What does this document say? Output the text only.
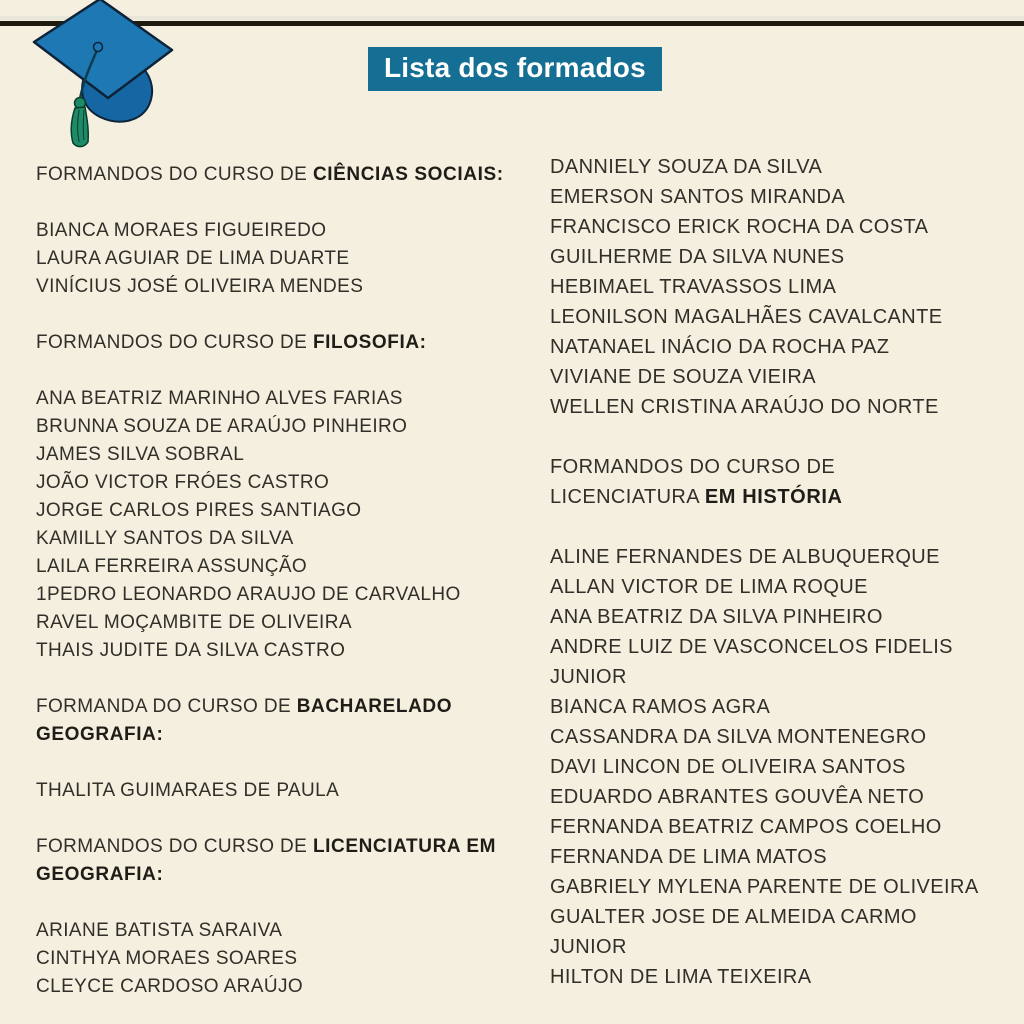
Lista dos formados
FORMANDOS DO CURSO DE CIÊNCIAS SOCIAIS:
BIANCA MORAES FIGUEIREDO
LAURA AGUIAR DE LIMA DUARTE
VINÍCIUS JOSÉ OLIVEIRA MENDES
FORMANDOS DO CURSO DE FILOSOFIA:
ANA BEATRIZ MARINHO ALVES FARIAS
BRUNNA SOUZA DE ARAÚJO PINHEIRO
JAMES SILVA SOBRAL
JOÃO VICTOR FRÓES CASTRO
JORGE CARLOS PIRES SANTIAGO
KAMILLY SANTOS DA SILVA
LAILA FERREIRA ASSUNÇÃO
1PEDRO LEONARDO ARAUJO DE CARVALHO
RAVEL MOÇAMBITE DE OLIVEIRA
THAIS JUDITE DA SILVA CASTRO
FORMANDA DO CURSO DE BACHARELADO
GEOGRAFIA:
THALITA GUIMARAES DE PAULA
FORMANDOS DO CURSO DE LICENCIATURA EM
GEOGRAFIA:
ARIANE BATISTA SARAIVA
CINTHYA MORAES SOARES
CLEYCE CARDOSO ARAÚJO
DANNIELY SOUZA DA SILVA
EMERSON SANTOS MIRANDA
FRANCISCO ERICK ROCHA DA COSTA
GUILHERME DA SILVA NUNES
HEBIMAEL TRAVASSOS LIMA
LEONILSON MAGALHÃES CAVALCANTE
NATANAEL INÁCIO DA ROCHA PAZ
VIVIANE DE SOUZA VIEIRA
WELLEN CRISTINA ARAÚJO DO NORTE
FORMANDOS DO CURSO DE
LICENCIATURA EM HISTÓRIA
ALINE FERNANDES DE ALBUQUERQUE
ALLAN VICTOR DE LIMA ROQUE
ANA BEATRIZ DA SILVA PINHEIRO
ANDRE LUIZ DE VASCONCELOS FIDELIS JUNIOR
BIANCA RAMOS AGRA
CASSANDRA DA SILVA MONTENEGRO
DAVI LINCON DE OLIVEIRA SANTOS
EDUARDO ABRANTES GOUVÊA NETO
FERNANDA BEATRIZ CAMPOS COELHO
FERNANDA DE LIMA MATOS
GABRIELY MYLENA PARENTE DE OLIVEIRA
GUALTER JOSE DE ALMEIDA CARMO JUNIOR
HILTON DE LIMA TEIXEIRA
